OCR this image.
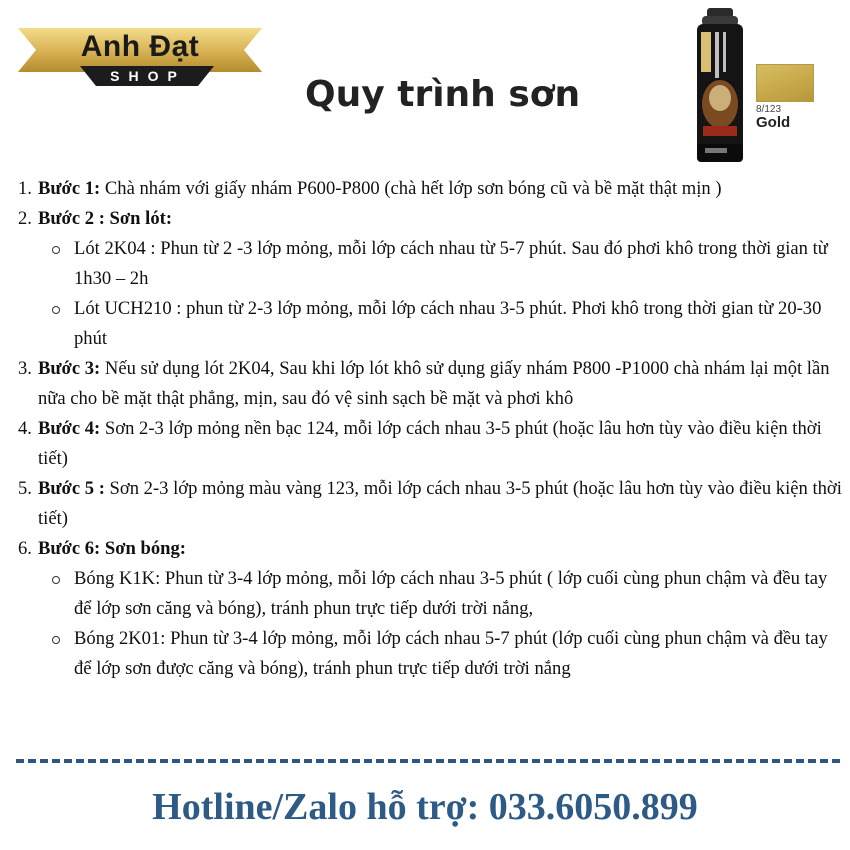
Anh Đạt
SHOP	Quy trình sơn	8/123
Gold
1. Bước 1: Chà nhám với giấy nhám P600-P800 (chà hết lớp sơn bóng cũ và bề mặt thật mịn )
2. Bước 2 : Sơn lót:
Lót 2K04 : Phun từ 2 -3 lớp mỏng, mỗi lớp cách nhau từ 5-7 phút. Sau đó phơi khô trong thời gian từ 1h30 – 2h
Lót UCH210 : phun từ 2-3 lớp mỏng, mỗi lớp cách nhau 3-5 phút. Phơi khô trong thời gian từ 20-30 phút
3. Bước 3: Nếu sử dụng lót 2K04, Sau khi lớp lót khô sử dụng giấy nhám P800 -P1000 chà nhám lại một lần nữa cho bề mặt thật phẳng, mịn, sau đó vệ sinh sạch bề mặt và phơi khô
4. Bước 4: Sơn 2-3 lớp mỏng nền bạc 124, mỗi lớp cách nhau 3-5 phút (hoặc lâu hơn tùy vào điều kiện thời tiết)
5. Bước 5 : Sơn 2-3 lớp mỏng màu vàng 123, mỗi lớp cách nhau 3-5 phút (hoặc lâu hơn tùy vào điều kiện thời tiết)
6. Bước 6: Sơn bóng:
Bóng K1K: Phun từ 3-4 lớp mỏng, mỗi lớp cách nhau 3-5 phút ( lớp cuối cùng phun chậm và đều tay để lớp sơn căng và bóng), tránh phun trực tiếp dưới trời nắng,
Bóng 2K01: Phun từ 3-4 lớp mỏng, mỗi lớp cách nhau 5-7 phút (lớp cuối cùng phun chậm và đều tay để lớp sơn được căng và bóng), tránh phun trực tiếp dưới trời nắng
Hotline/Zalo hỗ trợ: 033.6050.899
